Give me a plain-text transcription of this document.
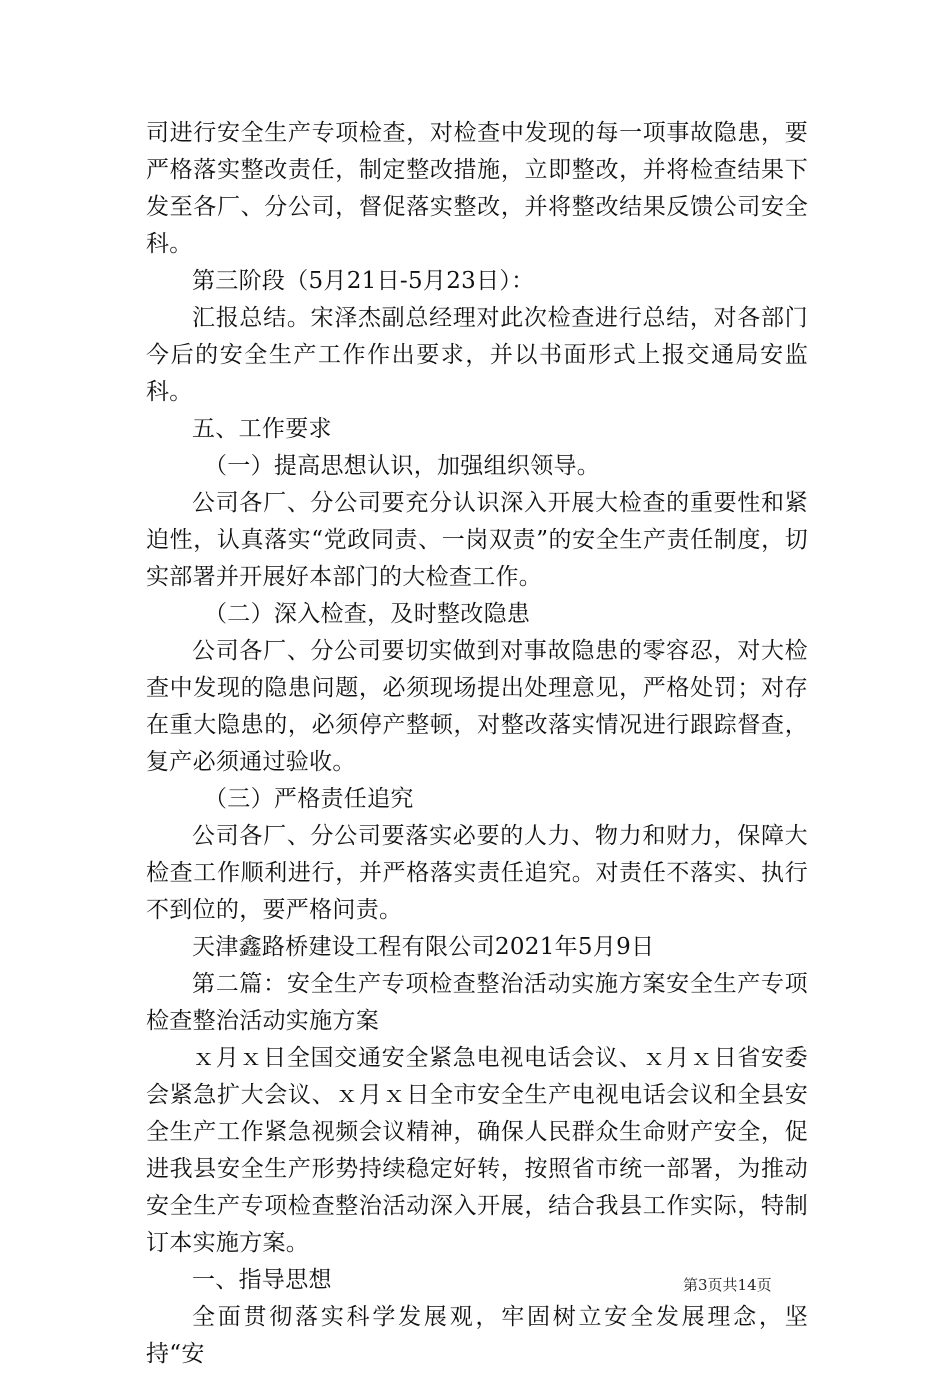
司进行安全生产专项检查，对检查中发现的每一项事故隐患，要严格落实整改责任，制定整改措施，立即整改，并将检查结果下发至各厂、分公司，督促落实整改，并将整改结果反馈公司安全科。

第三阶段（5月21日-5月23日）：

汇报总结。宋泽杰副总经理对此次检查进行总结，对各部门今后的安全生产工作作出要求，并以书面形式上报交通局安监科。

五、工作要求

（一）提高思想认识，加强组织领导。

公司各厂、分公司要充分认识深入开展大检查的重要性和紧迫性，认真落实“党政同责、一岗双责”的安全生产责任制度，切实部署并开展好本部门的大检查工作。

（二）深入检查，及时整改隐患

公司各厂、分公司要切实做到对事故隐患的零容忍，对大检查中发现的隐患问题，必须现场提出处理意见，严格处罚；对存在重大隐患的，必须停产整顿，对整改落实情况进行跟踪督查，复产必须通过验收。

（三）严格责任追究

公司各厂、分公司要落实必要的人力、物力和财力，保障大检查工作顺利进行，并严格落实责任追究。对责任不落实、执行不到位的，要严格问责。

天津鑫路桥建设工程有限公司2021年5月9日

第二篇：安全生产专项检查整治活动实施方案安全生产专项检查整治活动实施方案

ｘ月ｘ日全国交通安全紧急电视电话会议、ｘ月ｘ日省安委会紧急扩大会议、ｘ月ｘ日全市安全生产电视电话会议和全县安全生产工作紧急视频会议精神，确保人民群众生命财产安全，促进我县安全生产形势持续稳定好转，按照省市统一部署，为推动安全生产专项检查整治活动深入开展，结合我县工作实际，特制订本实施方案。

一、指导思想

全面贯彻落实科学发展观，牢固树立安全发展理念，坚持“安

第3页共14页
